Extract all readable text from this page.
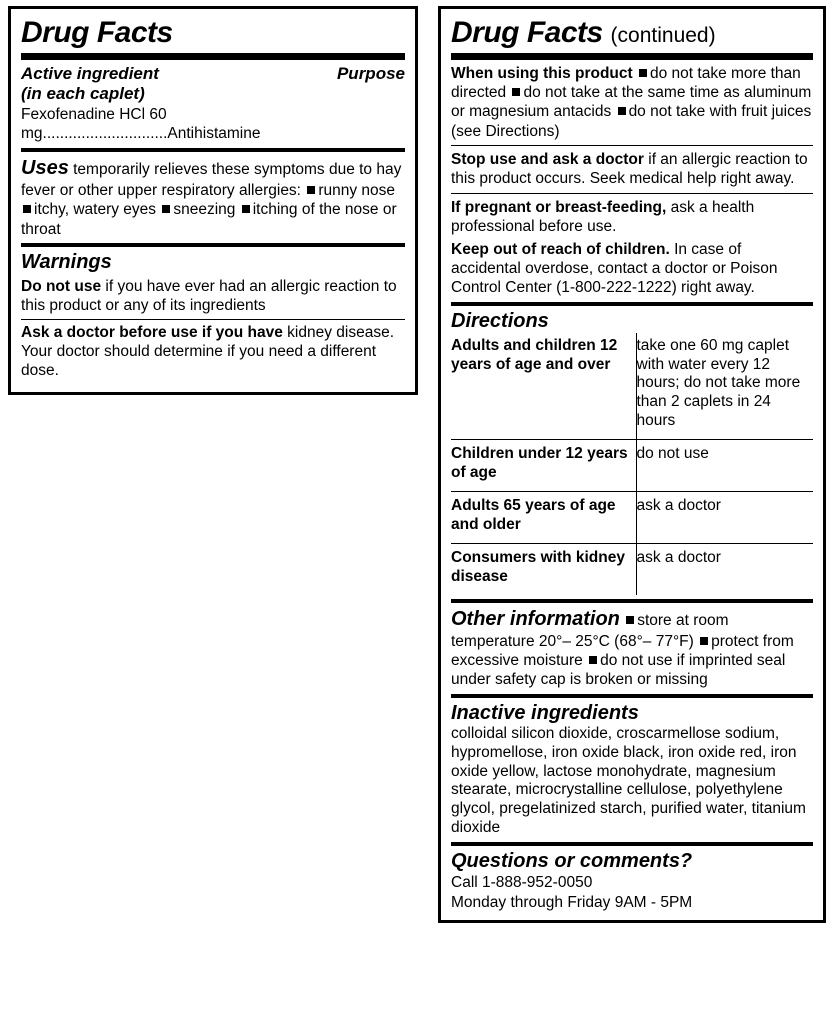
Drug Facts
Active ingredient	Purpose
(in each caplet)
Fexofenadine HCl 60 mg.............................Antihistamine
Uses temporarily relieves these symptoms due to hay fever or other upper respiratory allergies: runny nose itchy, watery eyes sneezing itching of the nose or throat
Warnings
Do not use if you have ever had an allergic reaction to this product or any of its ingredients
Ask a doctor before use if you have kidney disease. Your doctor should determine if you need a different dose.
Drug Facts (continued)
When using this product do not take more than directed do not take at the same time as aluminum or magnesium antacids do not take with fruit juices (see Directions)
Stop use and ask a doctor if an allergic reaction to this product occurs. Seek medical help right away.
If pregnant or breast-feeding, ask a health professional before use.
Keep out of reach of children. In case of accidental overdose, contact a doctor or Poison Control Center (1-800-222-1222) right away.
Directions
Adults and children 12 years of age and over	take one 60 mg caplet with water every 12 hours; do not take more than 2 caplets in 24 hours
Children under 12 years of age	do not use
Adults 65 years of age and older	ask a doctor
Consumers with kidney disease	ask a doctor
Other information store at room temperature 20°– 25°C (68°– 77°F) protect from excessive moisture do not use if imprinted seal under safety cap is broken or missing
Inactive ingredients
colloidal silicon dioxide, croscarmellose sodium, hypromellose, iron oxide black, iron oxide red, iron oxide yellow, lactose monohydrate, magnesium stearate, microcrystalline cellulose, polyethylene glycol, pregelatinized starch, purified water, titanium dioxide
Questions or comments?
Call 1-888-952-0050
Monday through Friday 9AM - 5PM
